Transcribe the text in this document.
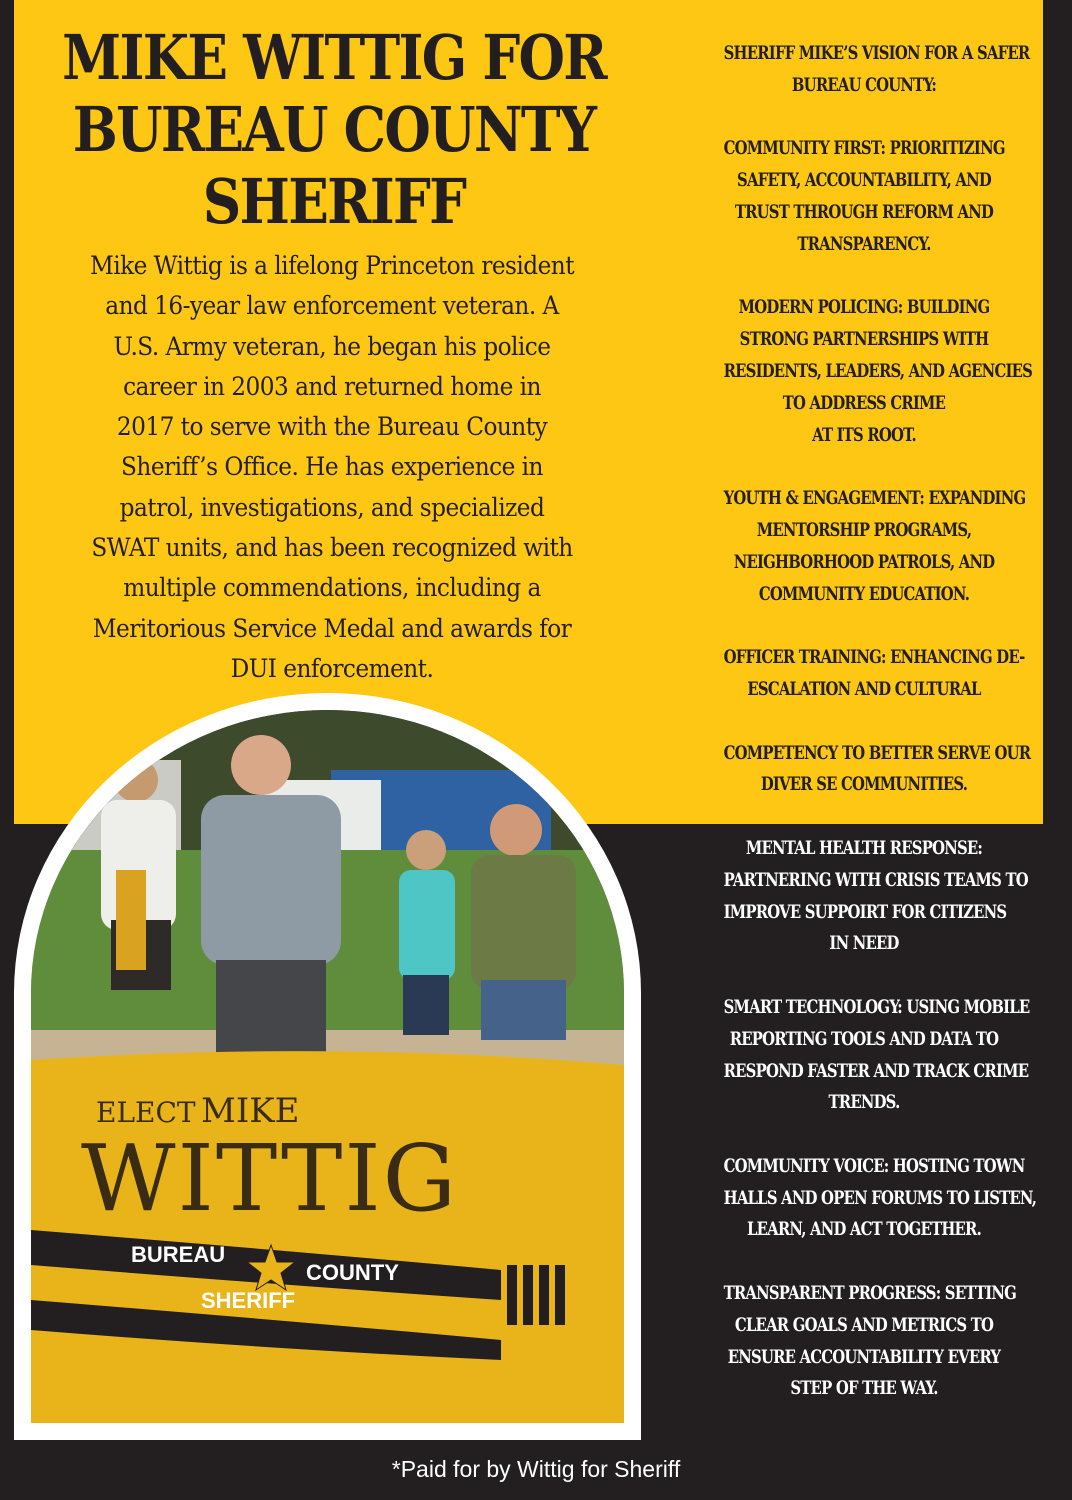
MIKE WITTIG FOR
BUREAU COUNTY
SHERIFF

Mike Wittig is a lifelong Princeton resident
and 16-year law enforcement veteran. A
U.S. Army veteran, he began his police
career in 2003 and returned home in
2017 to serve with the Bureau County
Sheriff’s Office. He has experience in
patrol, investigations, and specialized
SWAT units, and has been recognized with
multiple commendations, including a
Meritorious Service Medal and awards for
DUI enforcement.

SHERIFF MIKE’S VISION FOR A SAFER
BUREAU COUNTY:
COMMUNITY FIRST: PRIORITIZING
SAFETY, ACCOUNTABILITY, AND
TRUST THROUGH REFORM AND
TRANSPARENCY.
MODERN POLICING: BUILDING
STRONG PARTNERSHIPS WITH
RESIDENTS, LEADERS, AND AGENCIES
TO ADDRESS CRIME
AT ITS ROOT.
YOUTH & ENGAGEMENT: EXPANDING
MENTORSHIP PROGRAMS,
NEIGHBORHOOD PATROLS, AND
COMMUNITY EDUCATION.
OFFICER TRAINING: ENHANCING DE-
ESCALATION AND CULTURAL
COMPETENCY TO BETTER SERVE OUR
DIVER SE COMMUNITIES.
MENTAL HEALTH RESPONSE:
PARTNERING WITH CRISIS TEAMS TO
IMPROVE SUPPOIRT FOR CITIZENS
IN NEED
SMART TECHNOLOGY: USING MOBILE
REPORTING TOOLS AND DATA TO
RESPOND FASTER AND TRACK CRIME
TRENDS.
COMMUNITY VOICE: HOSTING TOWN
HALLS AND OPEN FORUMS TO LISTEN,
LEARN, AND ACT TOGETHER.
TRANSPARENT PROGRESS: SETTING
CLEAR GOALS AND METRICS TO
ENSURE ACCOUNTABILITY EVERY
STEP OF THE WAY.
ELECT MIKE
WITTIG
BUREAU
COUNTY
SHERIFF
*Paid for by Wittig for Sheriff
